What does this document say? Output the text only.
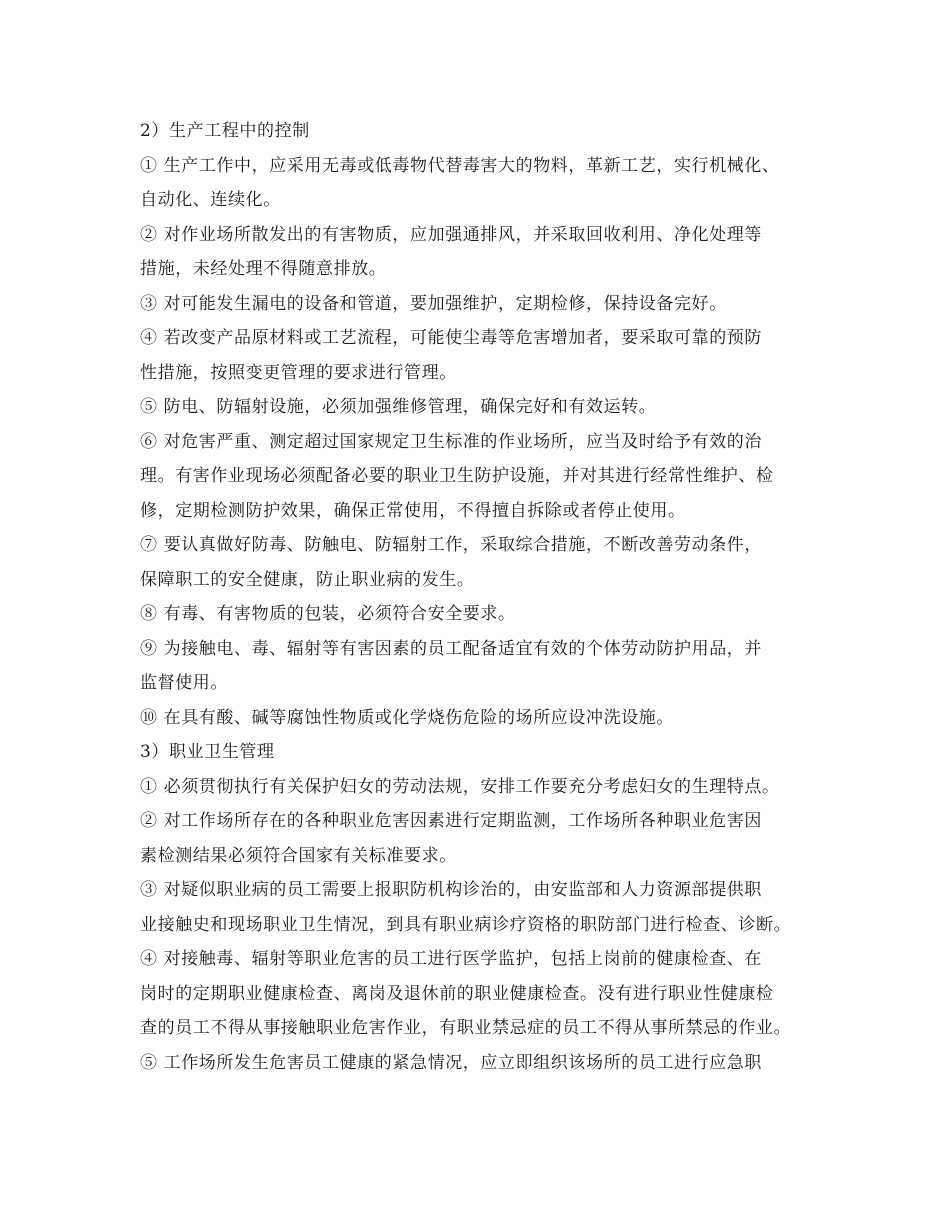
2）生产工程中的控制
① 生产工作中，应采用无毒或低毒物代替毒害大的物料，革新工艺，实行机械化、
自动化、连续化。
② 对作业场所散发出的有害物质，应加强通排风，并采取回收利用、净化处理等
措施，未经处理不得随意排放。
③ 对可能发生漏电的设备和管道，要加强维护，定期检修，保持设备完好。
④ 若改变产品原材料或工艺流程，可能使尘毒等危害增加者，要采取可靠的预防
性措施，按照变更管理的要求进行管理。
⑤ 防电、防辐射设施，必须加强维修管理，确保完好和有效运转。
⑥ 对危害严重、测定超过国家规定卫生标准的作业场所，应当及时给予有效的治
理。有害作业现场必须配备必要的职业卫生防护设施，并对其进行经常性维护、检
修，定期检测防护效果，确保正常使用，不得擅自拆除或者停止使用。
⑦ 要认真做好防毒、防触电、防辐射工作，采取综合措施，不断改善劳动条件，
保障职工的安全健康，防止职业病的发生。
⑧ 有毒、有害物质的包装，必须符合安全要求。
⑨ 为接触电、毒、辐射等有害因素的员工配备适宜有效的个体劳动防护用品，并
监督使用。
⑩ 在具有酸、碱等腐蚀性物质或化学烧伤危险的场所应设冲洗设施。
3）职业卫生管理
① 必须贯彻执行有关保护妇女的劳动法规，安排工作要充分考虑妇女的生理特点。
② 对工作场所存在的各种职业危害因素进行定期监测，工作场所各种职业危害因
素检测结果必须符合国家有关标准要求。
③ 对疑似职业病的员工需要上报职防机构诊治的，由安监部和人力资源部提供职
业接触史和现场职业卫生情况，到具有职业病诊疗资格的职防部门进行检查、诊断。
④ 对接触毒、辐射等职业危害的员工进行医学监护，包括上岗前的健康检查、在
岗时的定期职业健康检查、离岗及退休前的职业健康检查。没有进行职业性健康检
查的员工不得从事接触职业危害作业，有职业禁忌症的员工不得从事所禁忌的作业。
⑤ 工作场所发生危害员工健康的紧急情况，应立即组织该场所的员工进行应急职
